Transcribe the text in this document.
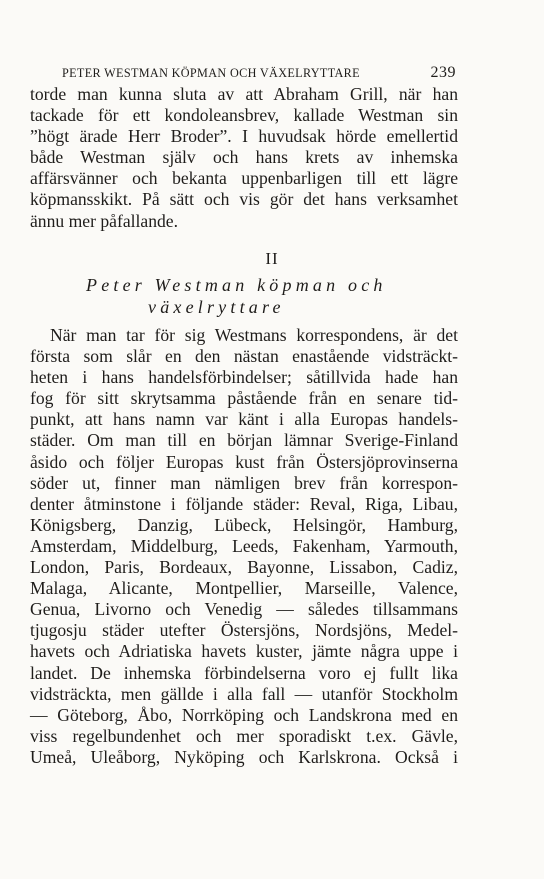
PETER WESTMAN KÖPMAN OCH VÄXELRYTTARE	239
torde man kunna sluta av att Abraham Grill, när han
tackade för ett kondoleansbrev, kallade Westman sin
”högt ärade Herr Broder”. I huvudsak hörde emellertid
både Westman själv och hans krets av inhemska
affärsvänner och bekanta uppenbarligen till ett lägre
köpmansskikt. På sätt och vis gör det hans verksamhet
ännu mer påfallande.
II
Peter Westman köpman och
växelryttare
När man tar för sig Westmans korrespondens, är det
första som slår en den nästan enastående vidsträckt-
heten i hans handelsförbindelser; såtillvida hade han
fog för sitt skrytsamma påstående från en senare tid-
punkt, att hans namn var känt i alla Europas handels-
städer. Om man till en början lämnar Sverige-Finland
åsido och följer Europas kust från Östersjöprovinserna
söder ut, finner man nämligen brev från korrespon-
denter åtminstone i följande städer: Reval, Riga, Libau,
Königsberg, Danzig, Lübeck, Helsingör, Hamburg,
Amsterdam, Middelburg, Leeds, Fakenham, Yarmouth,
London, Paris, Bordeaux, Bayonne, Lissabon, Cadiz,
Malaga, Alicante, Montpellier, Marseille, Valence,
Genua, Livorno och Venedig — således tillsammans
tjugosju städer utefter Östersjöns, Nordsjöns, Medel-
havets och Adriatiska havets kuster, jämte några uppe i
landet. De inhemska förbindelserna voro ej fullt lika
vidsträckta, men gällde i alla fall — utanför Stockholm
— Göteborg, Åbo, Norrköping och Landskrona med en
viss regelbundenhet och mer sporadiskt t.ex. Gävle,
Umeå, Uleåborg, Nyköping och Karlskrona. Också i
